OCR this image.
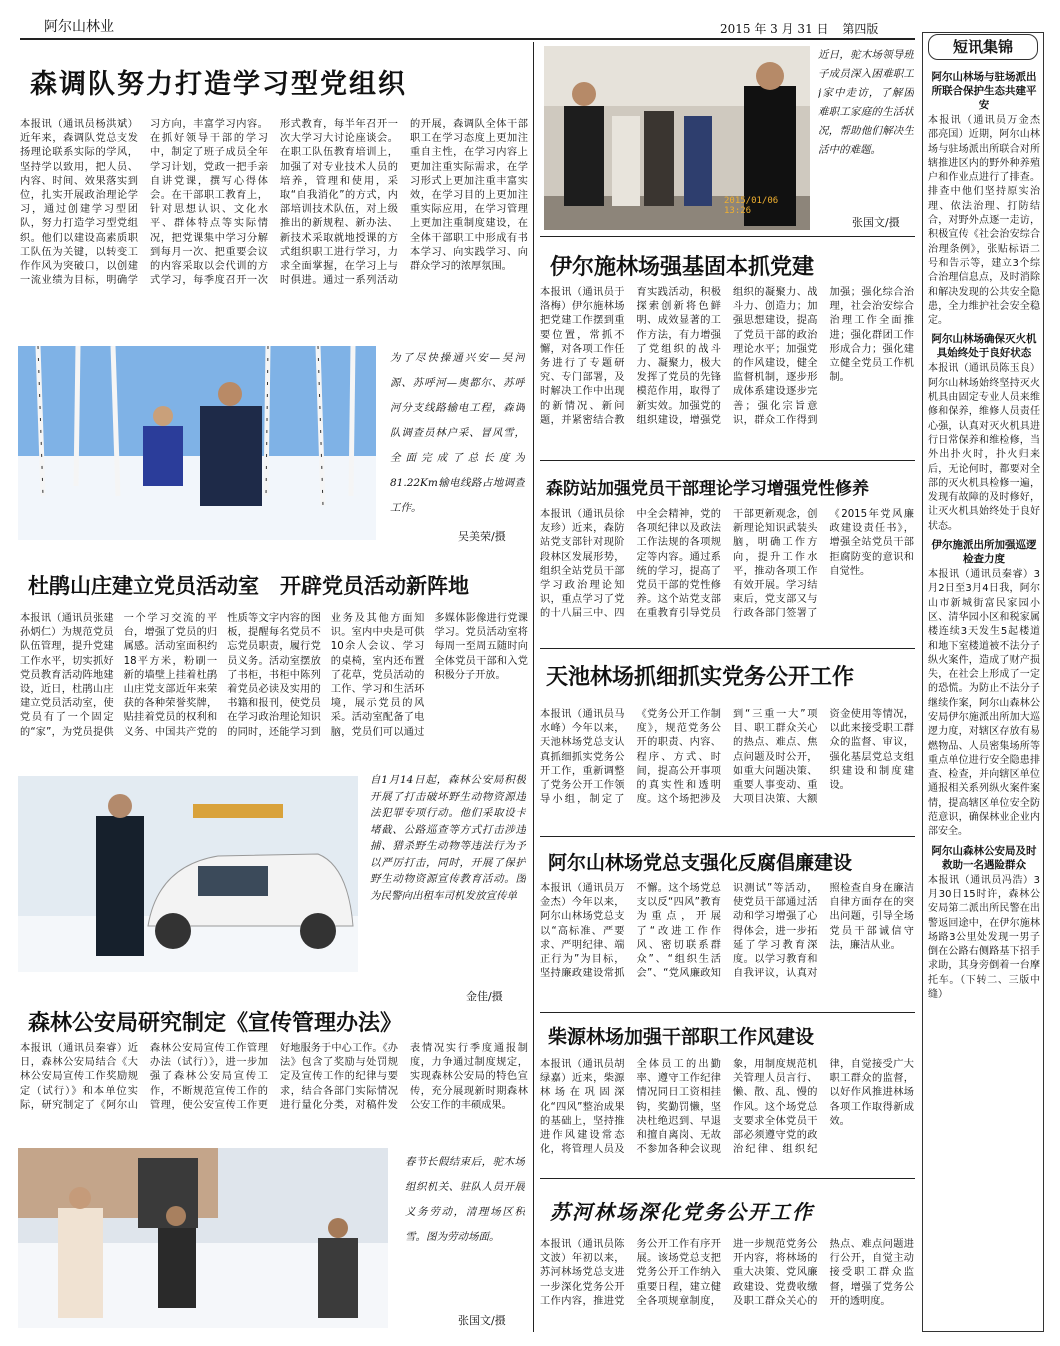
阿尔山林业	2015 年 3 月 31 日 第四版
森调队努力打造学习型党组织
本报讯（通讯员杨洪斌）近年来，森调队党总支发扬理论联系实际的学风，坚持学以致用，把人员、内容、时间、效果落实到位，扎实开展政治理论学习，通过创建学习型团队，努力打造学习型党组织。他们以建设高素质职工队伍为关键，以转变工作作风为突破口，以创建一流业绩为目标，明确学习方向，丰富学习内容。在抓好领导干部的学习中，制定了班子成员全年学习计划，党政一把手亲自讲党课，撰写心得体会。在干部职工教育上，针对思想认识、文化水平、群体特点等实际情况，把党课集中学习分解到每月一次、把重要会议的内容采取以会代训的方式学习，每季度召开一次形式教育，每半年召开一次大学习大讨论座谈会。在职工队伍教育培训上，加强了对专业技术人员的培养，管理和使用，采取“自我消化”的方式，内部培训技术队伍，对上级推出的新规程、新办法、新技术采取就地授课的方式组织职工进行学习，力求全面掌握，在学习上与时俱进。通过一系列活动的开展，森调队全体干部职工在学习态度上更加注重自主性，在学习内容上更加注重实际需求，在学习形式上更加注重丰富实效，在学习目的上更加注重实际应用，在学习管理上更加注重制度建设，在全体干部职工中形成有书本学习、向实践学习、向群众学习的浓厚氛围。
为了尽快操通兴安—吴河源、苏呼河—奥都尔、苏呼河分支线路输电工程，森调队调查员林户采、冒风雪，全面完成了总长度为81.22Km输电线路占地调查工作。
吴美荣/摄
杜鹃山庄建立党员活动室　开辟党员活动新阵地
本报讯（通讯员张建 孙炳仁）为规范党员队伍管理，提升党建工作水平，切实抓好党员教育活动阵地建设，近日，杜鹃山庄建立党员活动室，使党员有了一个固定的“家”，为党员提供一个学习交流的平台，增强了党员的归属感。活动室面积约18平方米，粉刷一新的墙壁上挂着杜鹃山庄党支部近年来荣获的各种荣誉奖牌，贴挂着党员的权利和义务、中国共产党的性质等文字内容的图板，提醒每名党员不忘党员职责，履行党员义务。活动室摆放了书柜，书柜中陈列着党员必读及实用的书籍和报刊，使党员在学习政治理论知识的同时，还能学习到业务及其他方面知识。室内中央是可供10余人会议、学习的桌椅，室内还布置了花草，党员活动的工作、学习和生活环境，展示党员的风采。活动室配备了电脑，党员们可以通过多媒体影像进行党课学习。党员活动室将每周一至周五随时向全体党员干部和入党积极分子开放。
自1月14日起，森林公安局积极开展了打击破坏野生动物资源违法犯罪专项行动。他们采取设卡堵截、公路巡查等方式打击涉违捕、猎杀野生动物等违法行为予以严厉打击，同时，开展了保护野生动物资源宣传教育活动。图为民警向出租车司机发放宣传单
金佳/摄
森林公安局研究制定《宣传管理办法》
本报讯（通讯员秦睿）近日，森林公安局结合《大林公安局宣传工作奖励规定（试行）》和本单位实际，研究制定了《阿尔山森林公安局宣传工作管理办法（试行）》，进一步加强了森林公安局宣传工作，不断规范宣传工作的管理，使公安宣传工作更好地服务于中心工作。《办法》包含了奖励与处罚规定及宣传工作的纪律与要求，结合各部门实际情况进行量化分类，对稿件发表情况实行季度通报制度，力争通过制度规定，实现森林公安局的特色宣传，充分展现新时期森林公安工作的丰硕成果。
春节长假结束后，驼木场组织机关、驻队人员开展义务劳动，清理场区积雪。图为劳动场面。
张国文/摄
2015/01/06 13:26
近日，驼木场领导班子成员深入困难职工j家中走访，了解困难职工家庭的生活状况，帮助他们解决生活中的难题。
张国文/摄
伊尔施林场强基固本抓党建
本报讯（通讯员于洛梅）伊尔施林场把党建工作摆到重要位置，常抓不懈，对各项工作任务进行了专题研究、专门部署，及时解决工作中出现的新情况、新问题，并紧密结合教育实践活动，积极探索创新将色鲜明、成效显著的工作方法，有力增强了党组织的战斗力、凝聚力，极大发挥了党员的先锋模范作用，取得了新实效。加强党的组织建设，增强党组织的凝聚力、战斗力、创造力；加强思想建设，提高了党员干部的政治理论水平；加强党的作风建设，健全监督机制，逐步形成体系建设逐步完善；强化宗旨意识，群众工作得到加强；强化综合治理，社会治安综合治理工作全面推进；强化群团工作形成合力；强化建立健全党员工作机制。
森防站加强党员干部理论学习增强党性修养
本报讯（通讯员徐友珍）近来，森防站党支部针对现阶段林区发展形势，组织全站党员干部学习政治理论知识，重点学习了党的十八届三中、四中全会精神，党的各项纪律以及政法工作法规的各项规定等内容。通过系统的学习，提高了党员干部的党性修养。这个站党支部在重教育引导党员干部更新观念，创新理论知识武装头脑，明确工作方向，提升工作水平，推动各项工作有效开展。学习结束后，党支部又与行政各部门签署了《2015年党风廉政建设责任书》，增强全站党员干部拒腐防变的意识和自觉性。
天池林场抓细抓实党务公开工作
本报讯（通讯员马水峰）今年以来，天池林场党总支认真抓细抓实党务公开工作，重新调整了党务公开工作领导小组，制定了《党务公开工作制度》，规范党务公开的职责、内容、程序、方式、时间，提高公开事项的真实性和透明度。这个场把涉及到“三重一大”项目、职工群众关心的热点、难点、焦点问题及时公开，如重大问题决策、重要人事变动、重大项目决策、大额资金使用等情况，以此来接受职工群众的监督、审议，强化基层党总支组织建设和制度建设。
阿尔山林场党总支强化反腐倡廉建设
本报讯（通讯员万金杰）今年以来，阿尔山林场党总支以“高标准、严要求、严明纪律、端正行为”为目标，坚持廉政建设常抓不懈。这个场党总支以反“四风”教育为重点，开展了“改进工作作风、密切联系群众”、“组织生活会”、“党风廉政知识测试”等活动，使党员干部通过活动和学习增强了心得体会，进一步拓延了学习教育深度。以学习教育和自我评议，认真对照检查自身在廉洁自律方面存在的突出问题，引导全场党员干部诚信守法，廉洁从业。
柴源林场加强干部职工作风建设
本报讯（通讯员胡绿嘉）近来，柴源林场在巩固深化“四风”整治成果的基础上，坚持推进作风建设常态化，将管理人员及全体员工的出勤率、遵守工作纪律情况同日工资相挂钩，奖勤罚懒，坚决杜绝迟到、早退和擅自离岗、无故不参加各种会议现象，用制度规范机关管理人员言行、懒、散、乱、慢的作风。这个场党总支要求全体党员干部必须遵守党的政治纪律、组织纪律，自觉接受广大职工群众的监督，以好作风推进林场各项工作取得新成效。
苏河林场深化党务公开工作
本报讯（通讯员陈文波）年初以来，苏河林场党总支进一步深化党务公开工作内容，推进党务公开工作有序开展。该场党总支把党务公开工作纳入重要日程，建立健全各项规章制度，进一步规范党务公开内容，将林场的重大决策、党风廉政建设、党费收缴及职工群众关心的热点、难点问题进行公开，自觉主动接受职工群众监督，增强了党务公开的透明度。
短讯集锦
阿尔山林场与驻场派出所联合保护生态共建平安
本报讯（通讯员万金杰 邵亮国）近期，阿尔山林场与驻场派出所联合对所辖推进区内的野外种养殖户和作业点进行了排查。排查中他们坚持原实治理、依法治理、打防结合，对野外点逐一走访，积极宣传《社会治安综合治理条例》，张贴标语二号和告示等，建立3个综合治理信息点，及时消除和解决发现的公共安全隐患，全力维护社会安全稳定。
阿尔山林场确保灭火机具始终处于良好状态
本报讯（通讯员陈玉良）阿尔山林场始终坚持灭火机具由固定专业人员来维修和保养，维修人员责任心强，认真对灭火机具进行日常保养和维检修，当外出扑火时，扑火归来后，无论何时，都要对全部的灭火机具检修一遍，发现有故障的及时修好，让灭火机具始终处于良好状态。
伊尔施派出所加强巡逻检查力度
本报讯（通讯员秦睿）3月2日至3月4日我，阿尔山市新城街富民家园小区、清华园小区和税家属楼连续3天发生5起楼道和地下室楼道被不法分子纵火案件，造成了财产损失，在社会上形成了一定的恐慌。为防止不法分子继续作案，阿尔山森林公安局伊尔施派出所加大巡逻力度，对辖区存放有易燃物品、人员密集场所等重点单位进行安全隐患排查、检查，并向辖区单位通报相关系列纵火案件案情，提高辖区单位安全防范意识，确保林业企业内部安全。
阿尔山森林公安局及时救助一名遇险群众
本报讯（通讯员冯浩）3月30日15时许，森林公安局第二派出所民警在出警返回途中，在伊尔施林场路3公里处发现一男子倒在公路右侧路基下招手求助，其身旁倒着一台摩托车。（下转二、三版中缝）
